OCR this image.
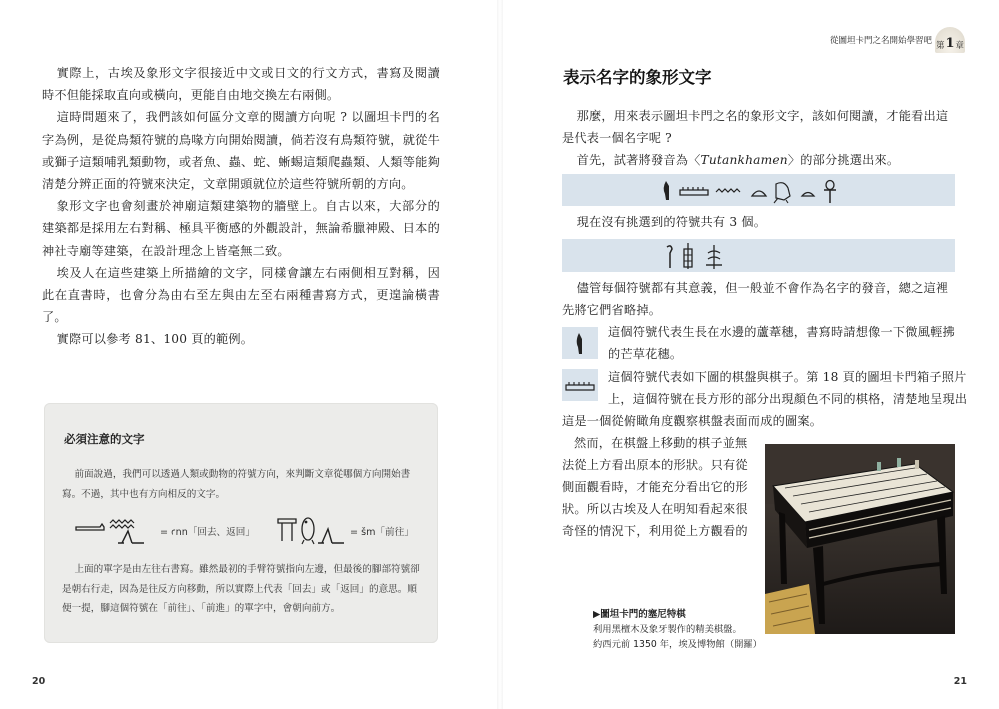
實際上，古埃及象形文字很接近中文或日文的行文方式，書寫及閱讀時不但能採取直向或橫向，更能自由地交換左右兩側。

這時問題來了，我們該如何區分文章的閱讀方向呢 ? 以圖坦卡門的名字為例，是從鳥類符號的鳥喙方向開始閱讀，倘若沒有鳥類符號，就從牛或獅子這類哺乳類動物，或者魚、蟲、蛇、蜥蜴這類爬蟲類、人類等能夠清楚分辨正面的符號來決定，文章開頭就位於這些符號所朝的方向。

象形文字也會刻畫於神廟這類建築物的牆壁上。自古以來，大部分的建築都是採用左右對稱、極具平衡感的外觀設計，無論希臘神殿、日本的神社寺廟等建築，在設計理念上皆毫無二致。

埃及人在這些建築上所描繪的文字，同樣會讓左右兩側相互對稱，因此在直書時，也會分為由右至左與由左至右兩種書寫方式，更遑論橫書了。

實際可以參考 81、100 頁的範例。

必須注意的文字

前面說過，我們可以透過人類或動物的符號方向，來判斷文章從哪個方向開始書寫。不過，其中也有方向相反的文字。

= ꜥnn「回去、返回」	= šm「前往」

上面的單字是由左往右書寫。雖然最初的手臂符號指向左邊，但最後的腳部符號卻是朝右行走，因為是往反方向移動，所以實際上代表「回去」或「返回」的意思。順便一提，腳這個符號在「前往」、「前進」的單字中，會朝向前方。

20
從圖坦卡門之名開始學習吧 第 1 章
表示名字的象形文字

那麼，用來表示圖坦卡門之名的象形文字，該如何閱讀，才能看出這是代表一個名字呢 ?

首先，試著將發音為〈Tutankhamen〉的部分挑選出來。

現在沒有挑選到的符號共有 3 個。

儘管每個符號都有其意義，但一般並不會作為名字的發音，總之這裡先將它們省略掉。

這個符號代表生長在水邊的蘆葦穗，書寫時請想像一下微風輕拂

的芒草花穗。

這個符號代表如下圖的棋盤與棋子。第 18 頁的圖坦卡門箱子照片

上，這個符號在長方形的部分出現顏色不同的棋格，清楚地呈現出

這是一個從俯瞰角度觀察棋盤表面而成的圖案。

然而，在棋盤上移動的棋子並無

法從上方看出原本的形狀。只有從

側面觀看時，才能充分看出它的形

狀。所以古埃及人在明知看起來很

奇怪的情況下，利用從上方觀看的

▶圖坦卡門的塞尼特棋

利用黑檀木及象牙製作的精美棋盤。

約西元前 1350 年，埃及博物館（開羅）

21
